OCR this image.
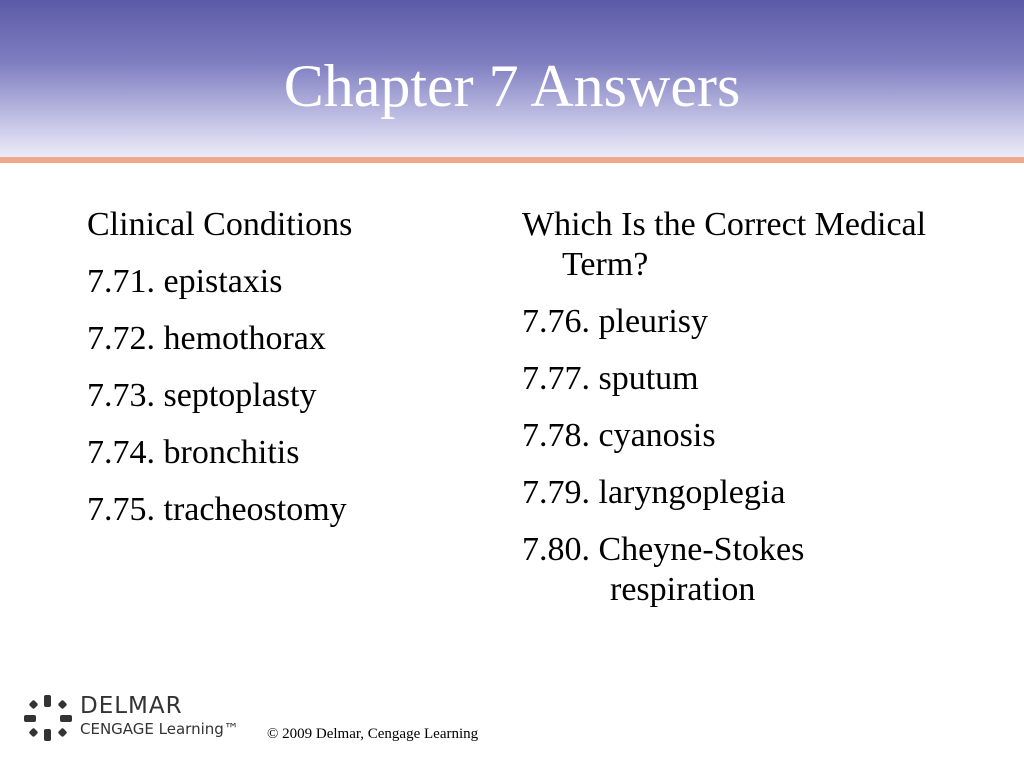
Chapter 7 Answers
Clinical Conditions
7.71. epistaxis
7.72. hemothorax
7.73. septoplasty
7.74. bronchitis
7.75. tracheostomy
Which Is the Correct Medical Term?
7.76. pleurisy
7.77. sputum
7.78. cyanosis
7.79. laryngoplegia
7.80. Cheyne-Stokes respiration
DELMAR
CENGAGE Learning™ © 2009 Delmar, Cengage Learning
